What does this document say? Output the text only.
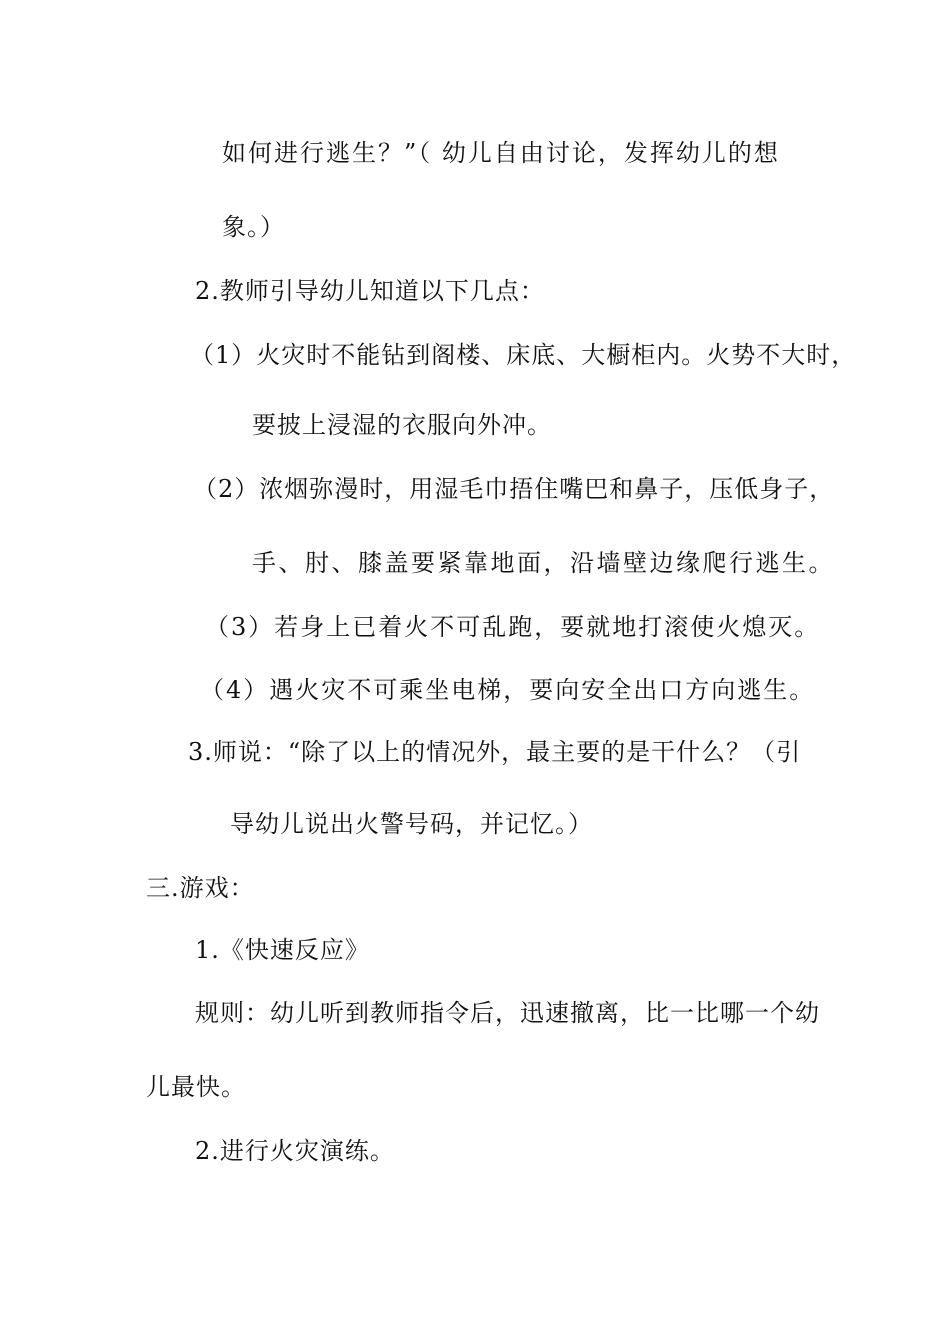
如何进行逃生？”（ 幼儿自由讨论，发挥幼儿的想
象。）
2.教师引导幼儿知道以下几点：
（1）火灾时不能钻到阁楼、床底、大橱柜内。火势不大时，
要披上浸湿的衣服向外冲。
（2）浓烟弥漫时，用湿毛巾捂住嘴巴和鼻子，压低身子，
手、肘、膝盖要紧靠地面，沿墙壁边缘爬行逃生。
（3）若身上已着火不可乱跑，要就地打滚使火熄灭。
（4）遇火灾不可乘坐电梯，要向安全出口方向逃生。
3.师说：“除了以上的情况外，最主要的是干什么？（引
导幼儿说出火警号码，并记忆。）
三.游戏：
1.《快速反应》
规则：幼儿听到教师指令后，迅速撤离，比一比哪一个幼
儿最快。
2.进行火灾演练。
